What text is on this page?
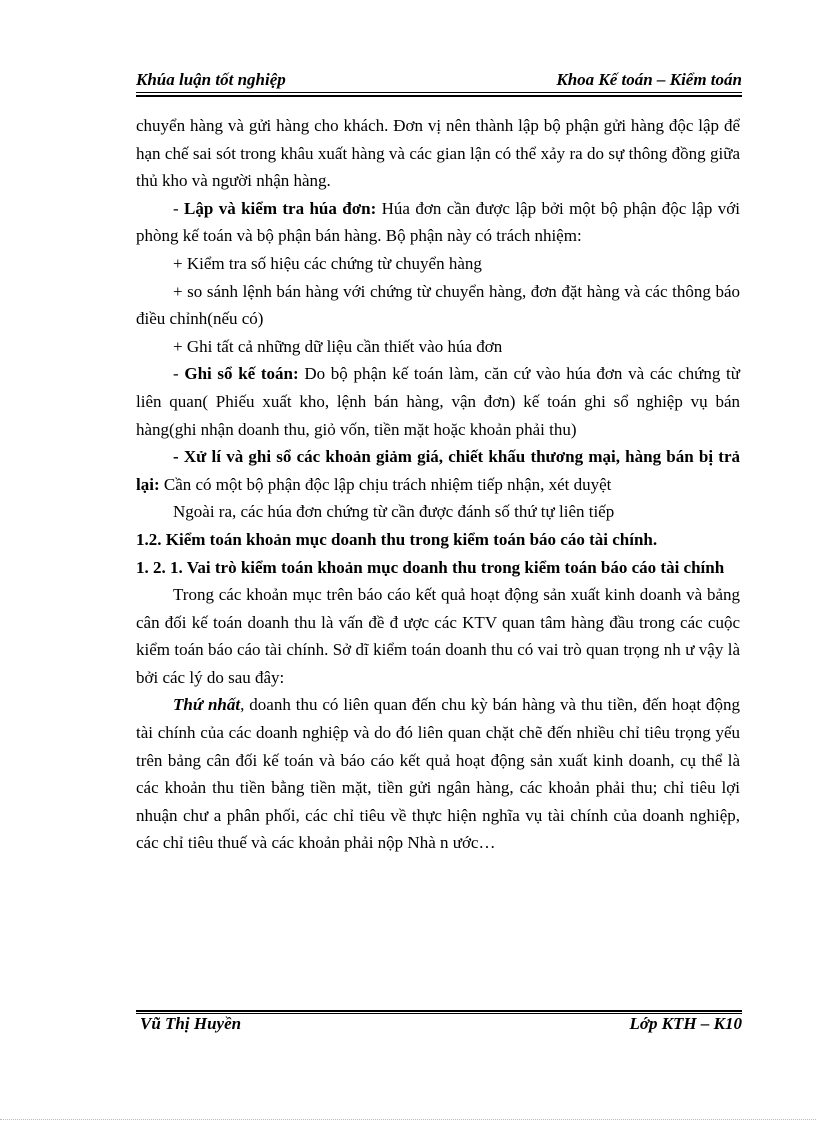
Khúa luận tốt nghiệp	Khoa Kế toán – Kiểm toán

chuyển hàng và gửi hàng cho khách. Đơn vị nên thành lập bộ phận gửi hàng độc lập để hạn chế sai sót trong khâu xuất hàng và các gian lận có thể xảy ra do sự thông đồng giữa thủ kho và người nhận hàng.

- Lập và kiểm tra húa đơn: Húa đơn cần được lập bởi một bộ phận độc lập với phòng kế toán và bộ phận bán hàng. Bộ phận này có trách nhiệm:

+ Kiểm tra số hiệu các chứng từ chuyển hàng

+ so sánh lệnh bán hàng với chứng từ chuyển hàng, đơn đặt hàng và các thông báo điều chỉnh(nếu có)

+ Ghi tất cả những dữ liệu cần thiết vào húa đơn

- Ghi sổ kế toán: Do bộ phận kế toán làm, căn cứ vào húa đơn và các chứng từ liên quan( Phiếu xuất kho, lệnh bán hàng, vận đơn) kế toán ghi sổ nghiệp vụ bán hàng(ghi nhận doanh thu, giỏ vốn, tiền mặt hoặc khoản phải thu)

- Xử lí và ghi sổ các khoản giảm giá, chiết khấu thương mại, hàng bán bị trả lại: Cần có một bộ phận độc lập chịu trách nhiệm tiếp nhận, xét duyệt

Ngoài ra, các húa đơn chứng từ cần được đánh số thứ tự liên tiếp

1.2. Kiểm toán khoản mục doanh thu trong kiểm toán báo cáo tài chính.

1. 2. 1. Vai trò kiểm toán khoản mục doanh thu trong kiểm toán báo cáo tài chính

Trong các khoản mục trên báo cáo kết quả hoạt động sản xuất kinh doanh và bảng cân đối kế toán doanh thu là vấn đề đ ược các KTV quan tâm hàng đầu trong các cuộc kiểm toán báo cáo tài chính. Sở dĩ kiểm toán doanh thu có vai trò quan trọng nh ư vậy là bởi các lý do sau đây:

Thứ nhất, doanh thu có liên quan đến chu kỳ bán hàng và thu tiền, đến hoạt động tài chính của các doanh nghiệp và do đó liên quan chặt chẽ đến nhiều chỉ tiêu trọng yếu trên bảng cân đối kế toán và báo cáo kết quả hoạt động sản xuất kinh doanh, cụ thể là các khoản thu tiền bằng tiền mặt, tiền gửi ngân hàng, các khoản phải thu; chỉ tiêu lợi nhuận chư a phân phối, các chỉ tiêu về thực hiện nghĩa vụ tài chính của doanh nghiệp, các chỉ tiêu thuế và các khoản phải nộp Nhà n ước…

Vũ Thị Huyền	Lớp KTH – K10
